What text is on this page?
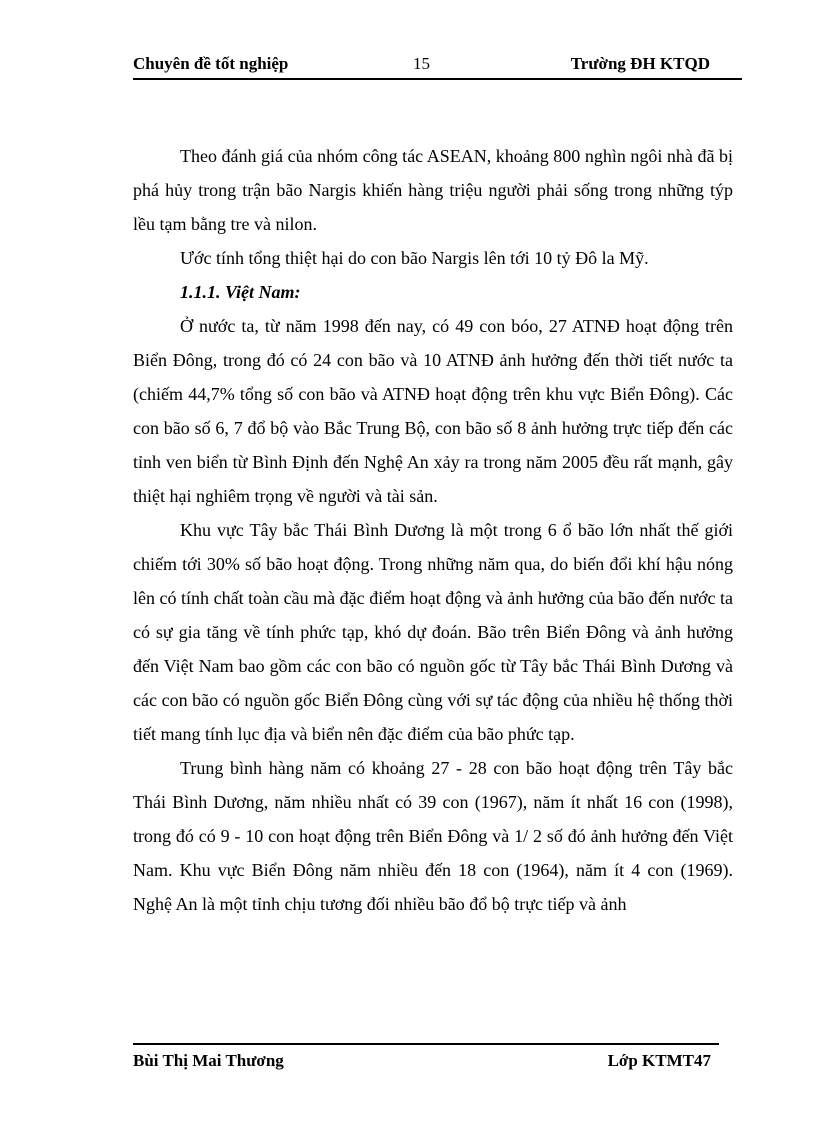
Chuyên đề tốt nghiệp	15	Trường ĐH KTQD

Theo đánh giá của nhóm công tác ASEAN, khoảng 800 nghìn ngôi nhà đã bị phá hủy trong trận bão Nargis khiến hàng triệu người phải sống trong những týp lều tạm bằng tre và nilon.

Ước tính tổng thiệt hại do con bão Nargis lên tới 10 tỷ Đô la Mỹ.

1.1.1. Việt Nam:

Ở nước ta, từ năm 1998 đến nay, có 49 con bóo, 27 ATNĐ hoạt động trên Biển Đông, trong đó có 24 con bão và 10 ATNĐ ảnh hưởng đến thời tiết nước ta (chiếm 44,7% tổng số con bão và ATNĐ hoạt động trên khu vực Biển Đông). Các con bão số 6, 7 đổ bộ vào Bắc Trung Bộ, con bão số 8 ảnh hưởng trực tiếp đến các tỉnh ven biển từ Bình Định đến Nghệ An xảy ra trong năm 2005 đều rất mạnh, gây thiệt hại nghiêm trọng về người và tài sản.

Khu vực Tây bắc Thái Bình Dương là một trong 6 ổ bão lớn nhất thế giới chiếm tới 30% số bão hoạt động. Trong những năm qua, do biến đổi khí hậu nóng lên có tính chất toàn cầu mà đặc điểm hoạt động và ảnh hưởng của bão đến nước ta có sự gia tăng về tính phức tạp, khó dự đoán. Bão trên Biển Đông và ảnh hưởng đến Việt Nam bao gồm các con bão có nguồn gốc từ Tây bắc Thái Bình Dương và các con bão có nguồn gốc Biển Đông cùng với sự tác động của nhiều hệ thống thời tiết mang tính lục địa và biển nên đặc điểm của bão phức tạp.

Trung bình hàng năm có khoảng 27 - 28 con bão hoạt động trên Tây bắc Thái Bình Dương, năm nhiều nhất có 39 con (1967), năm ít nhất 16 con (1998), trong đó có 9 - 10 con hoạt động trên Biển Đông và 1/ 2 số đó ảnh hưởng đến Việt Nam. Khu vực Biển Đông năm nhiều đến 18 con (1964), năm ít 4 con (1969). Nghệ An là một tỉnh chịu tương đối nhiều bão đổ bộ trực tiếp và ảnh

Bùi Thị Mai Thương	Lớp KTMT47
